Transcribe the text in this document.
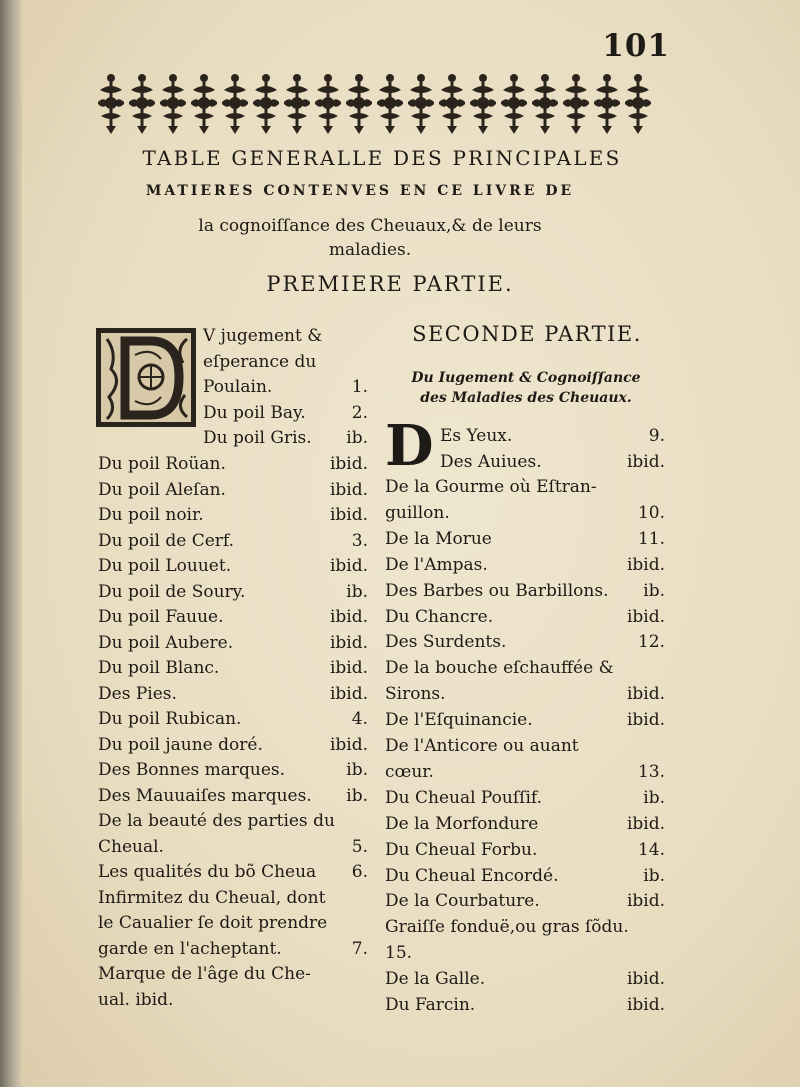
101
TABLE GENERALLE DES PRINCIPALES
MATIERES CONTENVES EN CE LIVRE DE
la cognoiſſance des Cheuaux,& de leurs
maladies.
PREMIERE PARTIE.
SECONDE PARTIE.
Du Iugement & Cognoiſſance
des Maladies des Cheuaux.
D
V jugement &
eſperance du
Poulain.	1.
Du poil Bay.	2.
Du poil Gris. ib.
Du poil Roüan.	ibid.
Du poil Aleſan.	ibid.
Du poil noir.	ibid.
Du poil de Cerf.	3.
Du poil Louuet.	ibid.
Du poil de Soury.	ib.
Du poil Fauue.	ibid.
Du poil Aubere.	ibid.
Du poil Blanc.	ibid.
Des Pies.	ibid.
Du poil Rubican.	4.
Du poil jaune doré.	ibid.
Des Bonnes marques.	ib.
Des Mauuaiſes marques. ib.
De la beauté des parties du
Cheual.	5.
Les qualités du bõ Cheua 6.
Infirmitez du Cheual, dont
le Caualier ſe doit prendre
garde en l'acheptant.	7.
Marque de l'âge du Che-
ual. ibid.
Es Yeux.	9.
Des Auiues.	ibid.
De la Gourme où Eſtran-
guillon.	10.
De la Morue	11.
De l'Ampas.	ibid.
Des Barbes ou Barbillons. ib.
Du Chancre.	ibid.
Des Surdents.	12.
De la bouche eſchauffée &
Sirons.	ibid.
De l'Eſquinancie.	ibid.
De l'Anticore ou auant
cœur.	13.
Du Cheual Pouſſif.	ib.
De la Morfondure	ibid.
Du Cheual Forbu.	14.
Du Cheual Encordé.	ib.
De la Courbature.	ibid.
Graiſſe fonduë,ou gras ſõdu.
15.
De la Galle.	ibid.
Du Farcin.	ibid.
